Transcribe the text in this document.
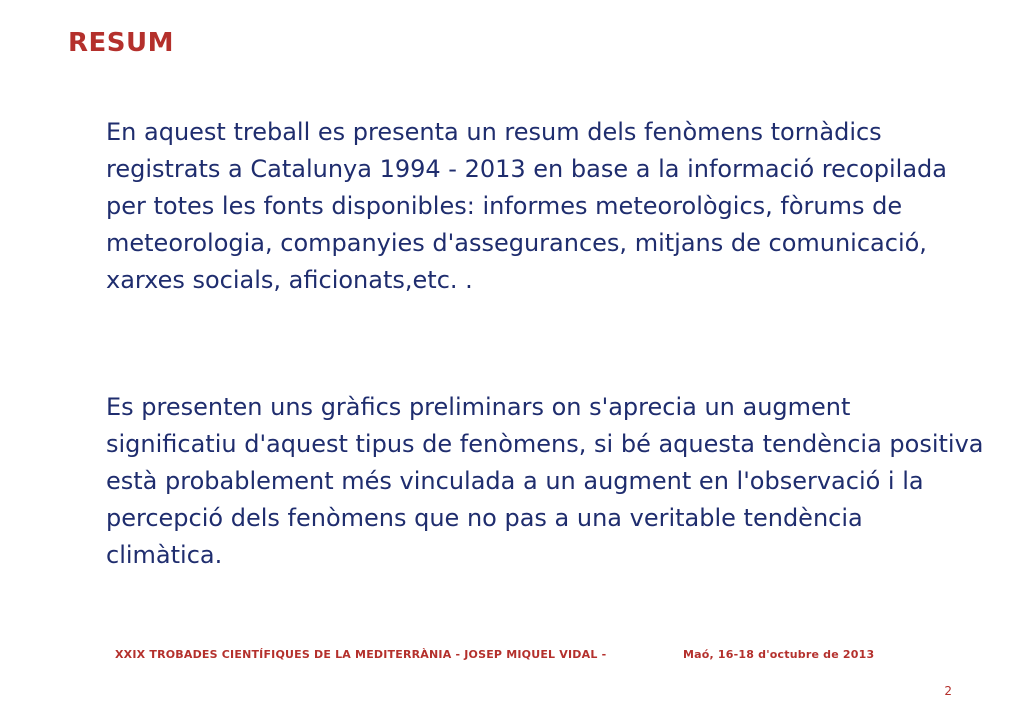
RESUM

En aquest treball es presenta un resum dels fenòmens tornàdics registrats a Catalunya 1994 - 2013 en base a la informació recopilada per totes les fonts disponibles: informes meteorològics, fòrums de meteorologia, companyies d'assegurances, mitjans de comunicació, xarxes socials, aficionats,etc. .

Es presenten uns gràfics preliminars on s'aprecia un augment significatiu d'aquest tipus de fenòmens, si bé aquesta tendència positiva està probablement més vinculada a un augment en l'observació i la percepció dels fenòmens que no pas a una veritable tendència climàtica.

XXIX TROBADES CIENTÍFIQUES DE LA MEDITERRÀNIA - JOSEP MIQUEL VIDAL -	Maó, 16-18 d'octubre de 2013
2
